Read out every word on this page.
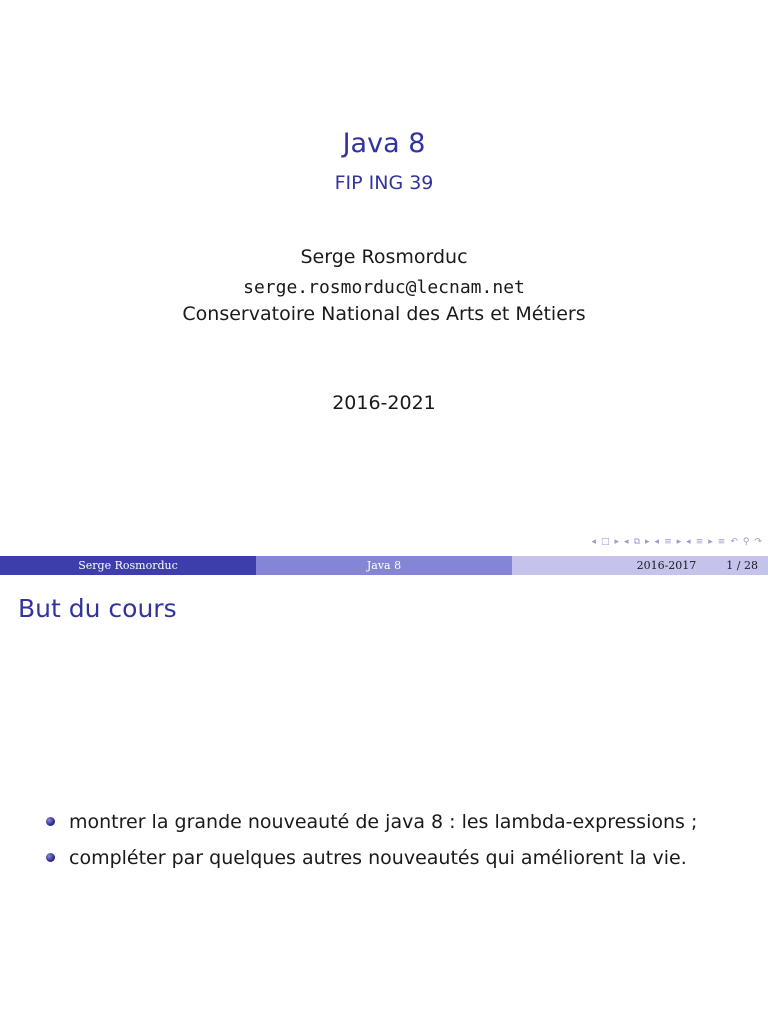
Java 8
FIP ING 39
Serge Rosmorduc
serge.rosmorduc@lecnam.net
Conservatoire National des Arts et Métiers
2016-2021
◂ □ ▸ ◂ ⧉ ▸ ◂ ≡ ▸ ◂ ≡ ▸ ≡ ↶ ⚲ ↷
Serge Rosmorduc	Java 8	2016-2017	1 / 28
But du cours
montrer la grande nouveauté de java 8 : les lambda-expressions ;
compléter par quelques autres nouveautés qui améliorent la vie.
